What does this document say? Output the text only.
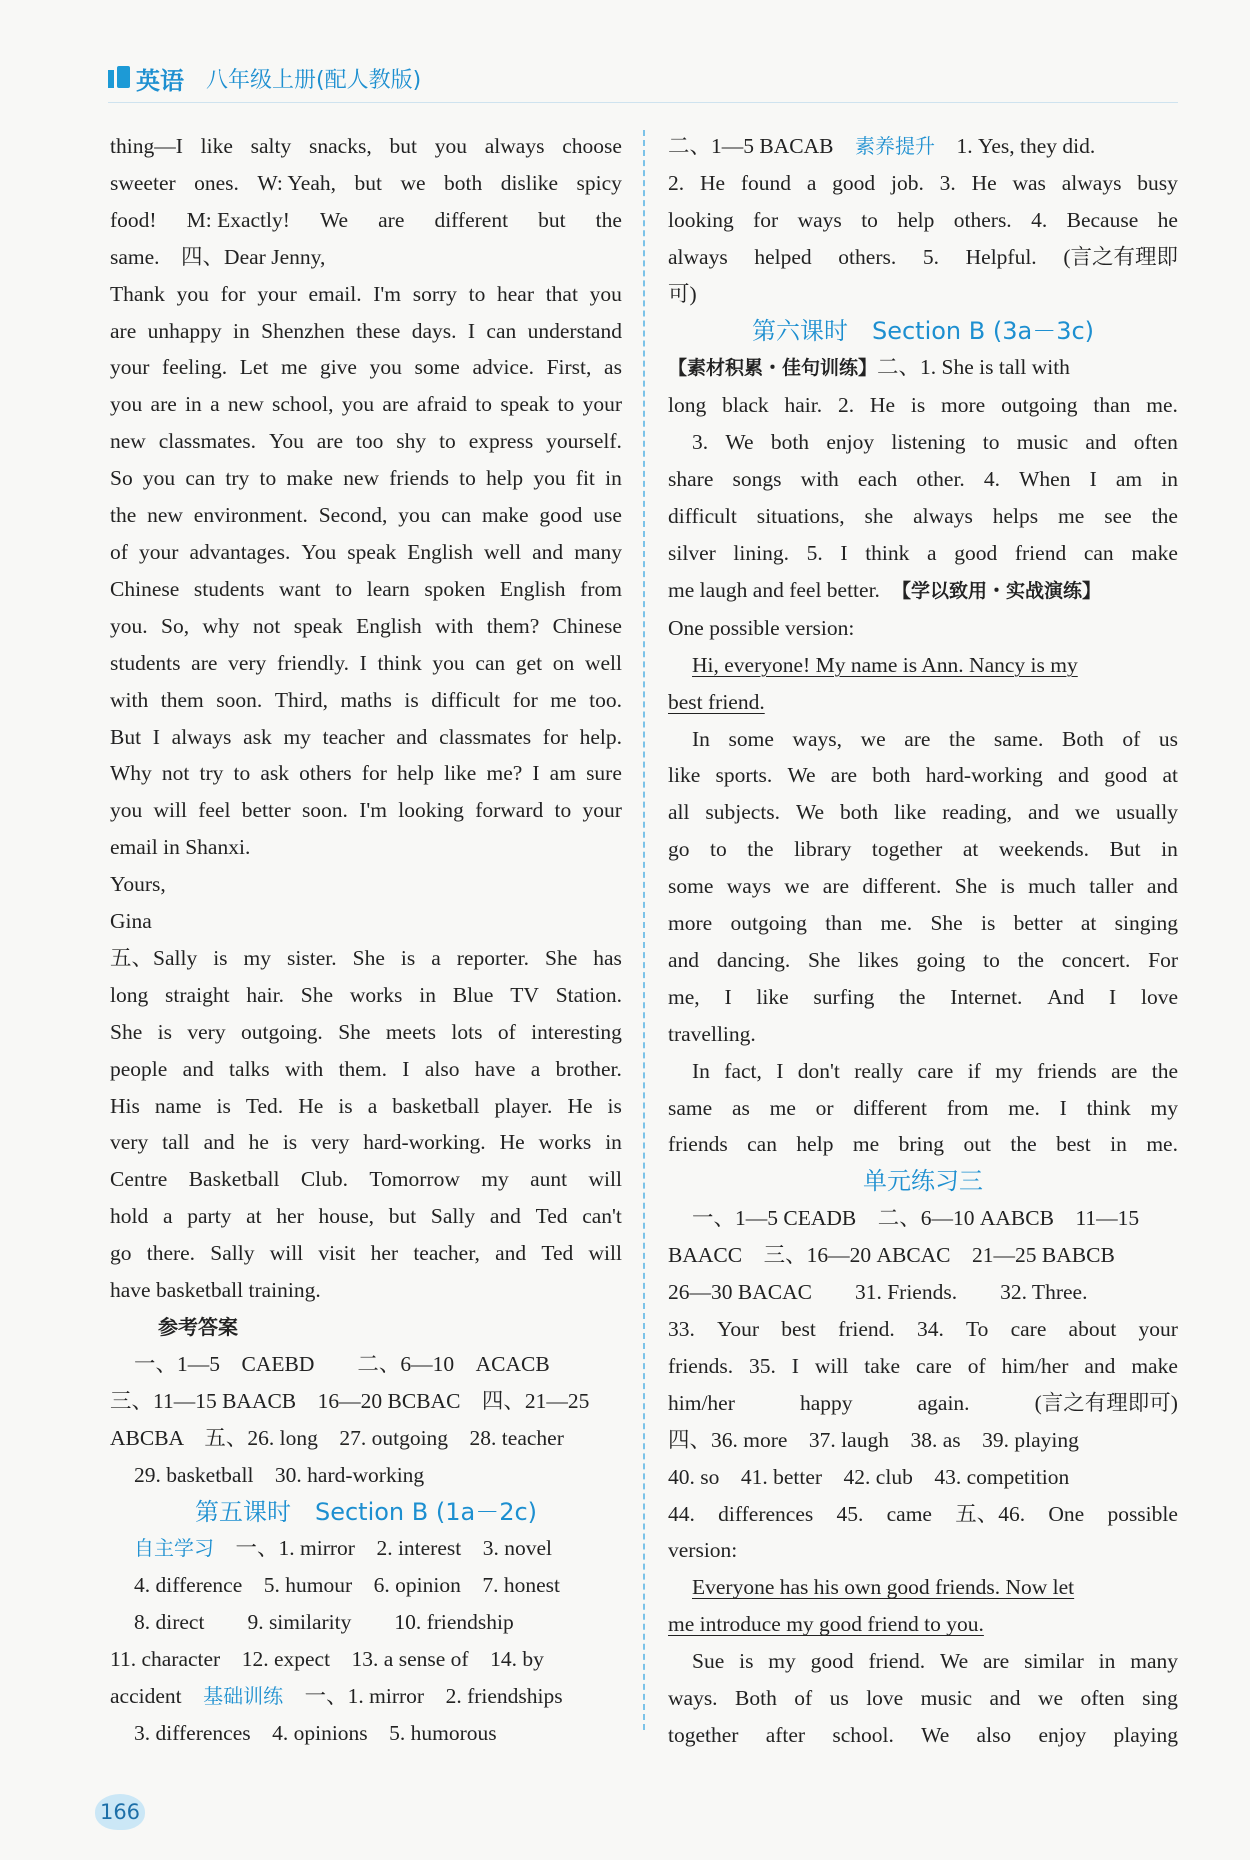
英语 八年级上册(配人教版)
thing—I like salty snacks, but you always choose
sweeter ones. W: Yeah, but we both dislike spicy
food! M: Exactly! We are different but the
same.　四、Dear Jenny,
Thank you for your email. I'm sorry to hear that you
are unhappy in Shenzhen these days. I can understand
your feeling. Let me give you some advice. First, as
you are in a new school, you are afraid to speak to your
new classmates. You are too shy to express yourself.
So you can try to make new friends to help you fit in
the new environment. Second, you can make good use
of your advantages. You speak English well and many
Chinese students want to learn spoken English from
you. So, why not speak English with them? Chinese
students are very friendly. I think you can get on well
with them soon. Third, maths is difficult for me too.
But I always ask my teacher and classmates for help.
Why not try to ask others for help like me? I am sure
you will feel better soon. I'm looking forward to your
email in Shanxi.
Yours,
Gina
五、Sally is my sister. She is a reporter. She has
long straight hair. She works in Blue TV Station.
She is very outgoing. She meets lots of interesting
people and talks with them. I also have a brother.
His name is Ted. He is a basketball player. He is
very tall and he is very hard-working. He works in
Centre Basketball Club. Tomorrow my aunt will
hold a party at her house, but Sally and Ted can't
go there. Sally will visit her teacher, and Ted will
have basketball training.
参考答案
一、1—5　CAEBD　　二、6—10　ACACB
三、11—15 BAACB　16—20 BCBAC　四、21—25
ABCBA　五、26. long　27. outgoing　28. teacher
29. basketball　30. hard-working
第五课时　Section B (1a－2c)
自主学习　 一、1. mirror　2. interest　3. novel
4. difference　5. humour　6. opinion　7. honest
8. direct　　9. similarity　　10. friendship
11. character　12. expect　13. a sense of　14. by
accident　 基础训练　 一、1. mirror　2. friendships
3. differences　4. opinions　5. humorous
二、1—5 BACAB　 素养提升　 1. Yes, they did.
2. He found a good job. 3. He was always busy
looking for ways to help others. 4. Because he
always helped others. 5. Helpful. (言之有理即
可)
第六课时　Section B (3a－3c)
【素材积累・佳句训练】二、1. She is tall with
long black hair. 2. He is more outgoing than me.
3. We both enjoy listening to music and often
share songs with each other. 4. When I am in
difficult situations, she always helps me see the
silver lining. 5. I think a good friend can make
me laugh and feel better.　 【学以致用・实战演练】
One possible version:
Hi, everyone! My name is Ann. Nancy is my
best friend.
In some ways, we are the same. Both of us
like sports. We are both hard-working and good at
all subjects. We both like reading, and we usually
go to the library together at weekends. But in
some ways we are different. She is much taller and
more outgoing than me. She is better at singing
and dancing. She likes going to the concert. For
me, I like surfing the Internet. And I love
travelling.
In fact, I don't really care if my friends are the
same as me or different from me. I think my
friends can help me bring out the best in me.
单元练习三
一、1—5 CEADB　二、6—10 AABCB　11—15
BAACC　三、16—20 ABCAC　21—25 BABCB
26—30 BACAC　　31. Friends.　　32. Three.
33. Your best friend. 34. To care about your
friends. 35. I will take care of him/her and make
him/her	happy	again.	(言之有理即可)
四、36. more　37. laugh　38. as　39. playing
40. so　41. better　42. club　43. competition
44. differences 45. came 五、46. One possible
version:
Everyone has his own good friends. Now let
me introduce my good friend to you.
Sue is my good friend. We are similar in many
ways. Both of us love music and we often sing
together after school. We also enjoy playing
166
